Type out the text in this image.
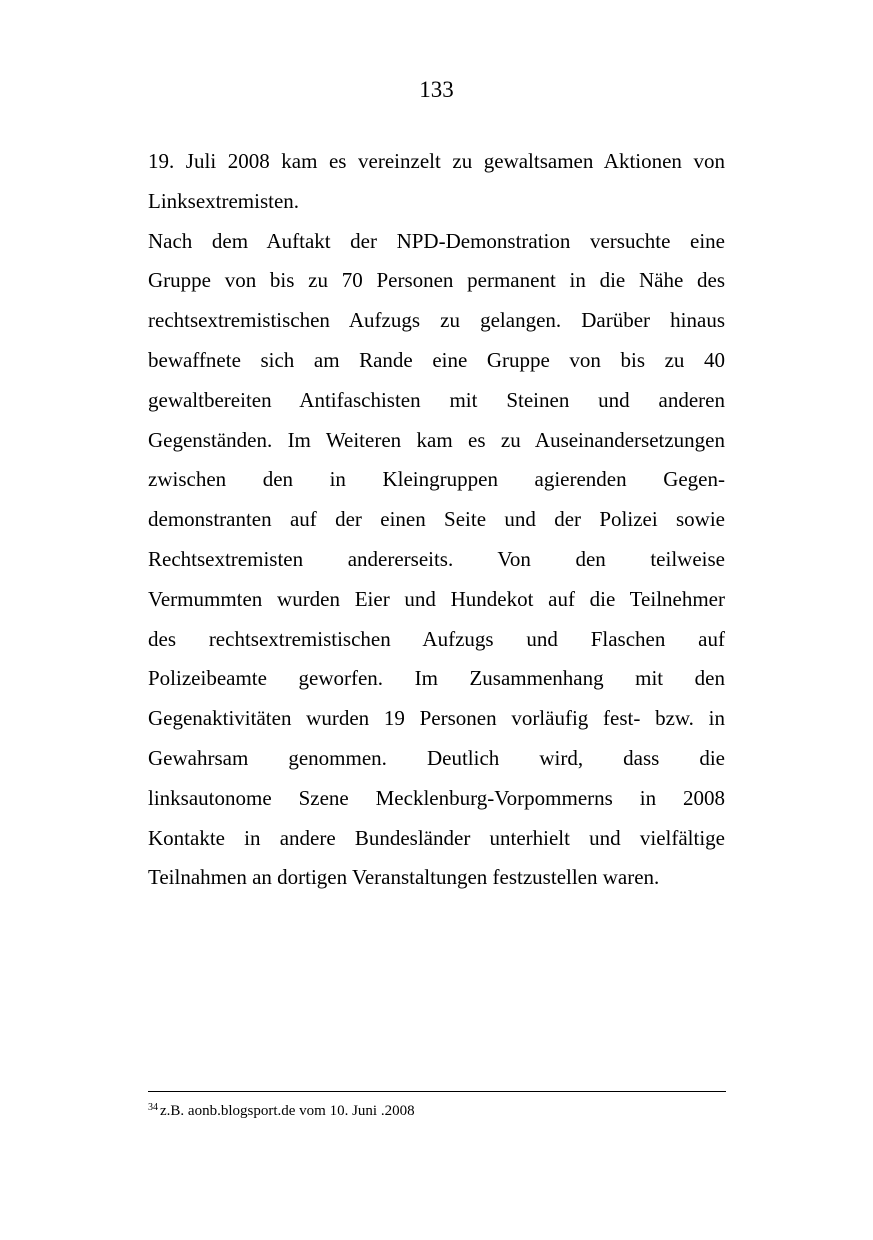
133

19. Juli 2008 kam es vereinzelt zu gewaltsamen Aktionen von
Linksextremisten.

Nach dem Auftakt der NPD-Demonstration versuchte eine
Gruppe von bis zu 70 Personen permanent in die Nähe des
rechtsextremistischen Aufzugs zu gelangen. Darüber hinaus
bewaffnete sich am Rande eine Gruppe von bis zu 40
gewaltbereiten Antifaschisten mit Steinen und anderen
Gegenständen. Im Weiteren kam es zu Auseinandersetzungen
zwischen den in Kleingruppen agierenden Gegen-
demonstranten auf der einen Seite und der Polizei sowie
Rechtsextremisten andererseits. Von den teilweise
Vermummten wurden Eier und Hundekot auf die Teilnehmer
des rechtsextremistischen Aufzugs und Flaschen auf
Polizeibeamte geworfen. Im Zusammenhang mit den
Gegenaktivitäten wurden 19 Personen vorläufig fest- bzw. in
Gewahrsam genommen. Deutlich wird, dass die
linksautonome Szene Mecklenburg-Vorpommerns in 2008
Kontakte in andere Bundesländer unterhielt und vielfältige
Teilnahmen an dortigen Veranstaltungen festzustellen waren.

$^{34}$ z.B. aonb.blogsport.de vom 10. Juni .2008
